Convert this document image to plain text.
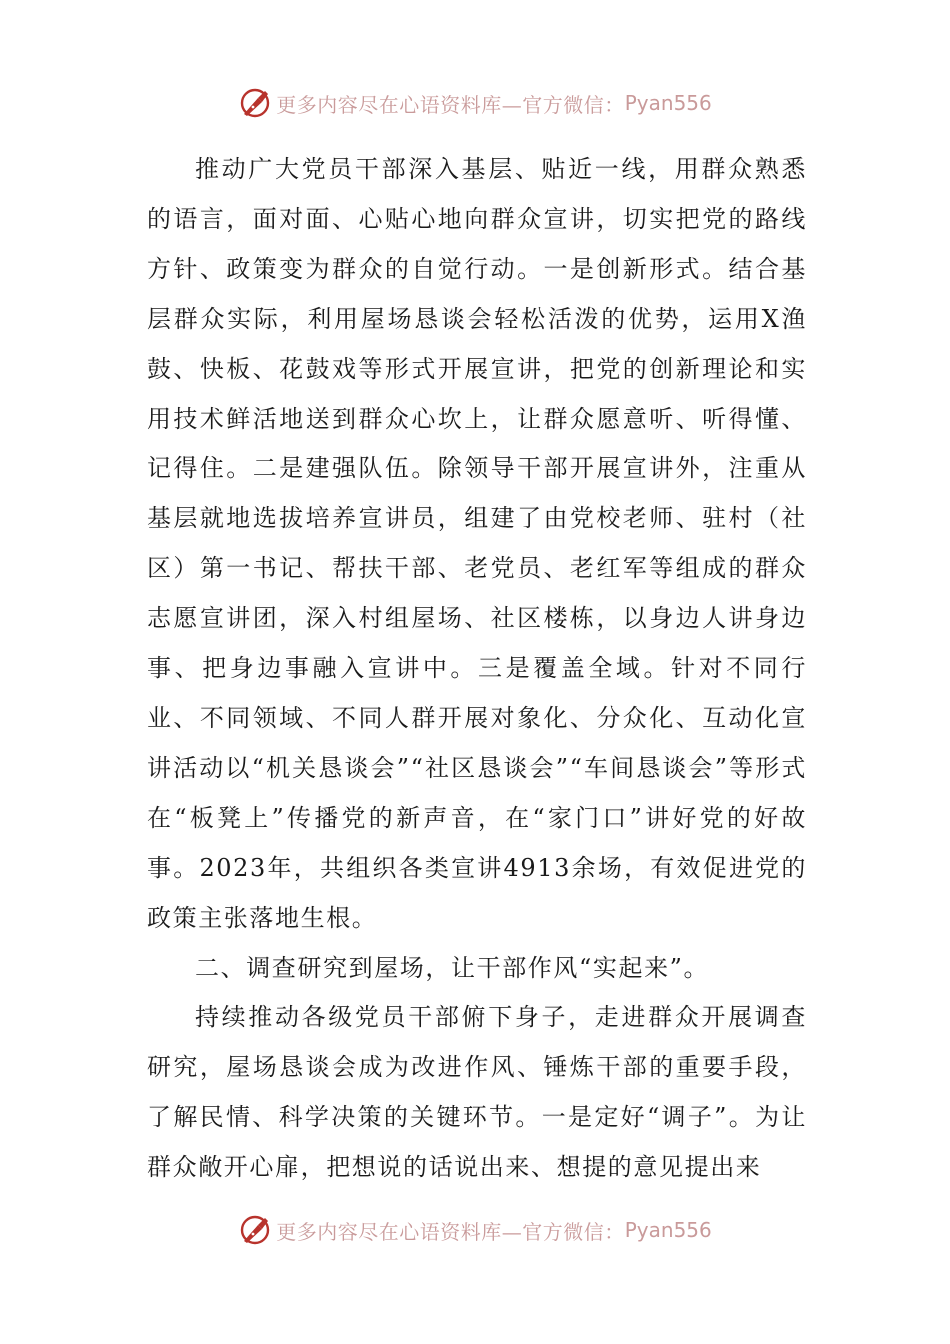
更多内容尽在心语资料库—官方微信： Pyan556

推动广大党员干部深入基层、贴近一线，用群众熟悉的语言，面对面、心贴心地向群众宣讲，切实把党的路线方针、政策变为群众的自觉行动。一是创新形式。结合基层群众实际，利用屋场恳谈会轻松活泼的优势，运用X渔鼓、快板、花鼓戏等形式开展宣讲，把党的创新理论和实用技术鲜活地送到群众心坎上，让群众愿意听、听得懂、记得住。二是建强队伍。除领导干部开展宣讲外，注重从基层就地选拔培养宣讲员，组建了由党校老师、驻村（社区）第一书记、帮扶干部、老党员、老红军等组成的群众志愿宣讲团，深入村组屋场、社区楼栋，以身边人讲身边事、把身边事融入宣讲中。三是覆盖全域。针对不同行业、不同领域、不同人群开展对象化、分众化、互动化宣讲活动以“机关恳谈会”“社区恳谈会”“车间恳谈会”等形式在“板凳上”传播党的新声音，在“家门口”讲好党的好故事。2023年，共组织各类宣讲4913余场，有效促进党的政策主张落地生根。

二、调查研究到屋场，让干部作风“实起来”。

持续推动各级党员干部俯下身子，走进群众开展调查研究，屋场恳谈会成为改进作风、锤炼干部的重要手段，了解民情、科学决策的关键环节。一是定好“调子”。为让群众敞开心扉，把想说的话说出来、想提的意见提出来

更多内容尽在心语资料库—官方微信： Pyan556
